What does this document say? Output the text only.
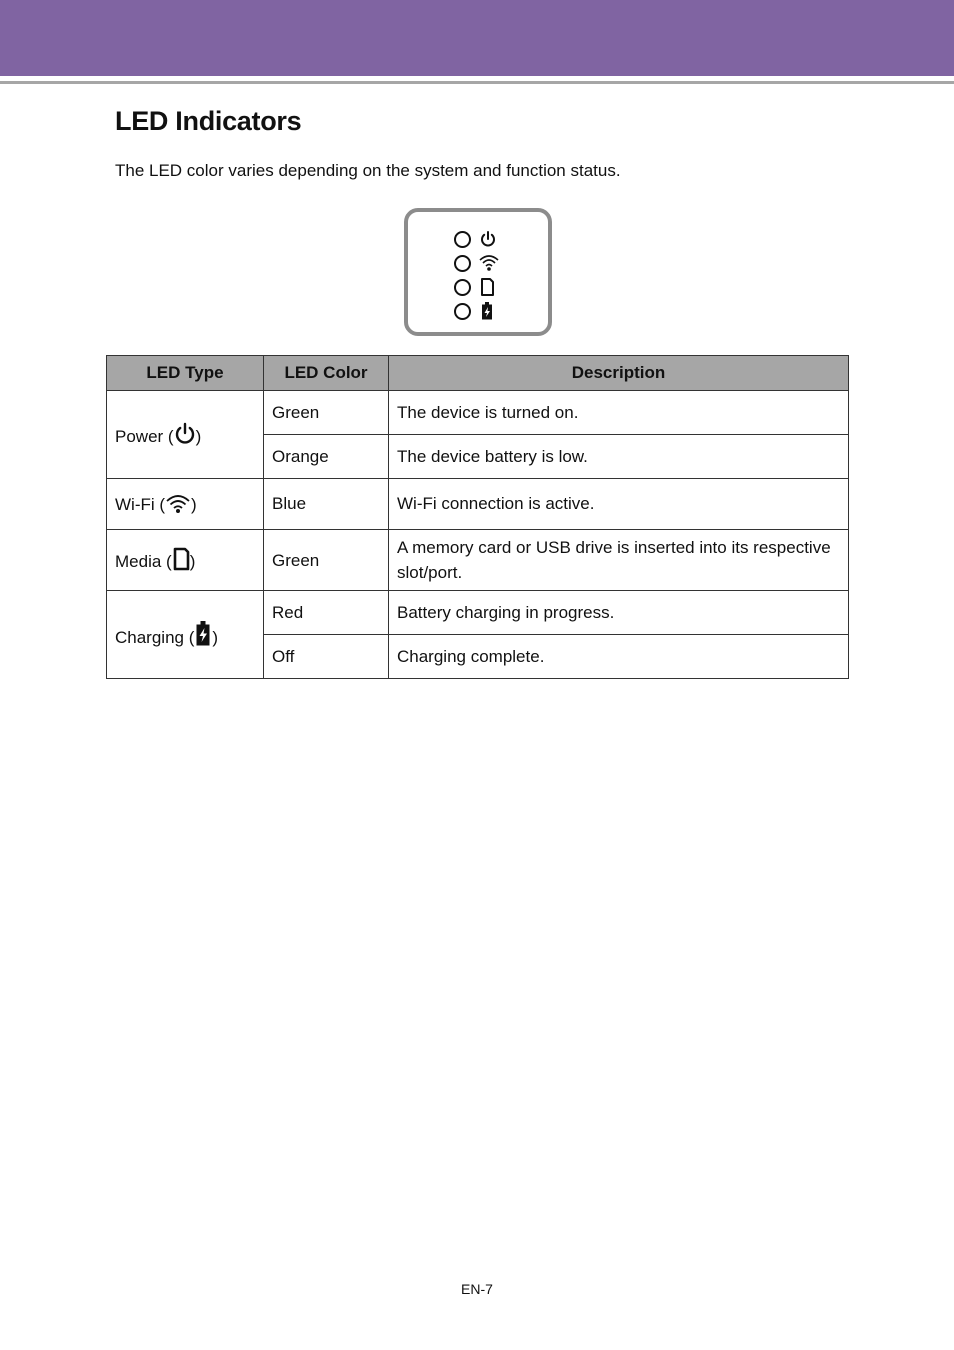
LED Indicators

The LED color varies depending on the system and function status.

LED Type	LED Color	Description
Power ( )	Green	The device is turned on.
	Orange	The device battery is low.
Wi-Fi ( )	Blue	Wi-Fi connection is active.
Media ( )	Green	A memory card or USB drive is inserted into its respective slot/port.
Charging ( )	Red	Battery charging in progress.
	Off	Charging complete.
EN-7
